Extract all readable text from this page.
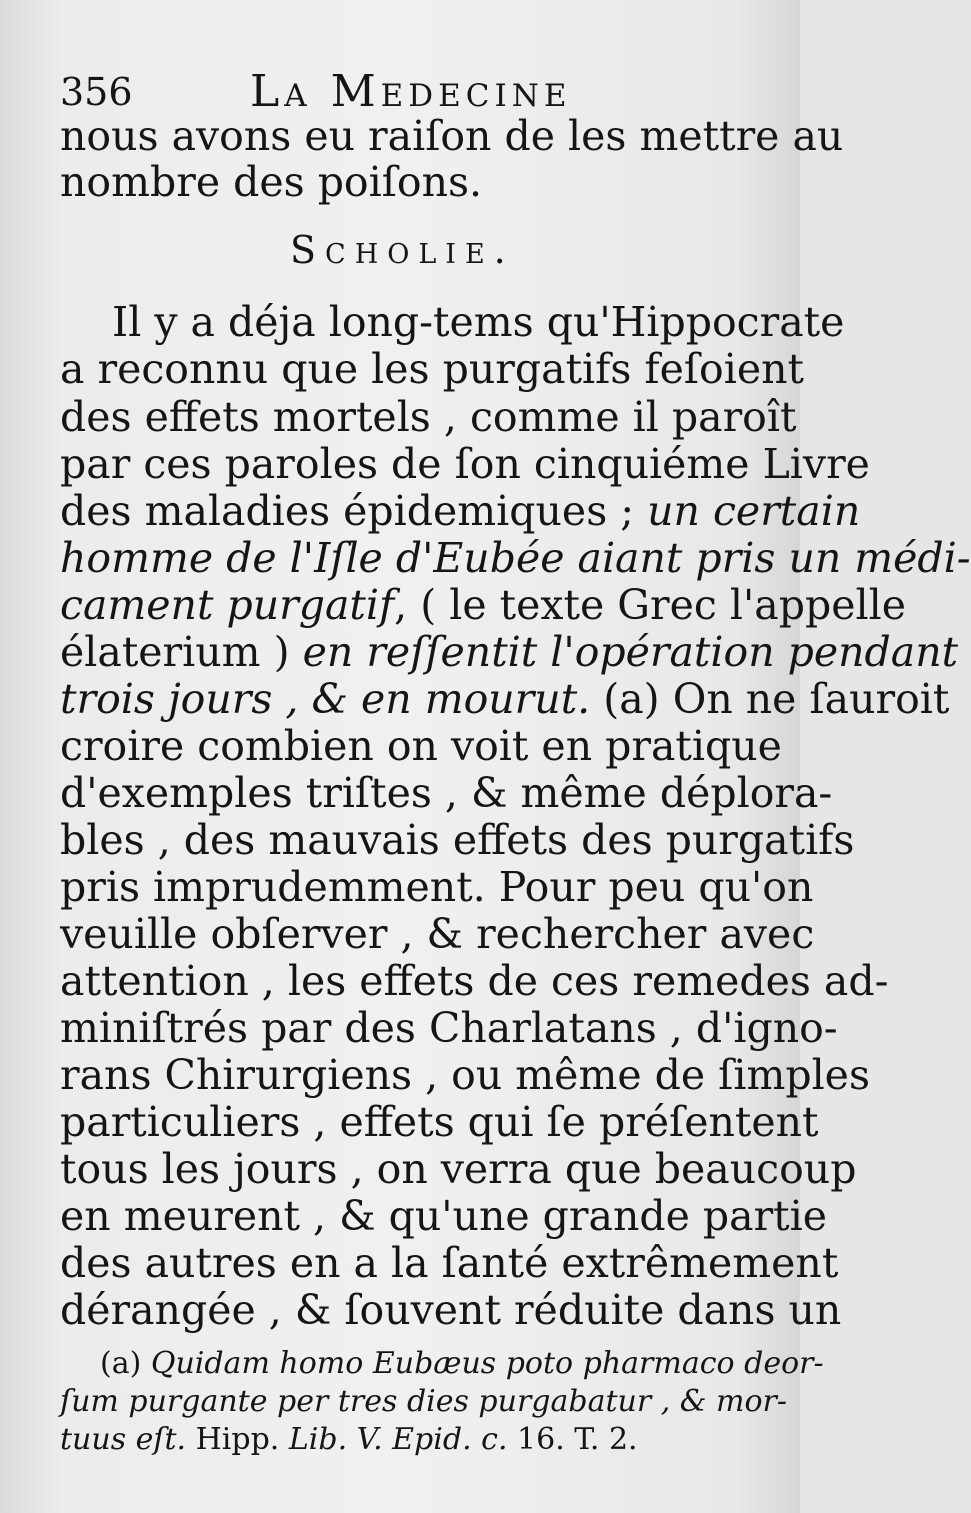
356	La Medecine
nous avons eu raiſon de les mettre au
nombre des poiſons.
Scholie.
Il y a déja long-tems qu'Hippocrate
a reconnu que les purgatifs feſoient
des effets mortels , comme il paroît
par ces paroles de ſon cinquiéme Livre
des maladies épidemiques ; un certain
homme de l'Iſle d'Eubée aiant pris un médi-
cament purgatif, ( le texte Grec l'appelle
élaterium ) en reſſentit l'opération pendant
trois jours , & en mourut. (a) On ne ſauroit
croire combien on voit en pratique
d'exemples triſtes , & même déplora-
bles , des mauvais effets des purgatifs
pris imprudemment. Pour peu qu'on
veuille obſerver , & rechercher avec
attention , les effets de ces remedes ad-
miniſtrés par des Charlatans , d'igno-
rans Chirurgiens , ou même de ſimples
particuliers , effets qui ſe préſentent
tous les jours , on verra que beaucoup
en meurent , & qu'une grande partie
des autres en a la ſanté extrêmement
dérangée , & ſouvent réduite dans un
(a) Quidam homo Eubæus poto pharmaco deor-
ſum purgante per tres dies purgabatur , & mor-
tuus eſt. Hipp. Lib. V. Epid. c. 16. T. 2.
